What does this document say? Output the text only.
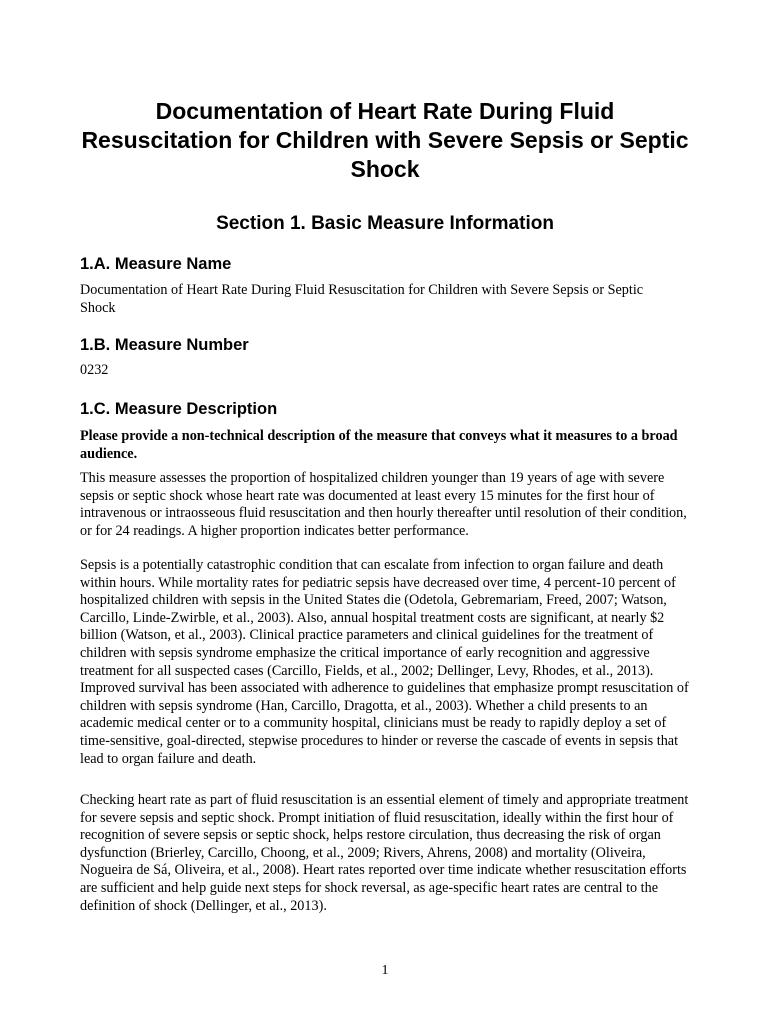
Documentation of Heart Rate During Fluid Resuscitation for Children with Severe Sepsis or Septic Shock
Section 1. Basic Measure Information
1.A. Measure Name

Documentation of Heart Rate During Fluid Resuscitation for Children with Severe Sepsis or Septic Shock

1.B. Measure Number

0232

1.C. Measure Description

Please provide a non-technical description of the measure that conveys what it measures to a broad audience.

This measure assesses the proportion of hospitalized children younger than 19 years of age with severe sepsis or septic shock whose heart rate was documented at least every 15 minutes for the first hour of intravenous or intraosseous fluid resuscitation and then hourly thereafter until resolution of their condition, or for 24 readings. A higher proportion indicates better performance.

Sepsis is a potentially catastrophic condition that can escalate from infection to organ failure and death within hours. While mortality rates for pediatric sepsis have decreased over time, 4 percent-10 percent of hospitalized children with sepsis in the United States die (Odetola, Gebremariam, Freed, 2007; Watson, Carcillo, Linde-Zwirble, et al., 2003). Also, annual hospital treatment costs are significant, at nearly $2 billion (Watson, et al., 2003). Clinical practice parameters and clinical guidelines for the treatment of children with sepsis syndrome emphasize the critical importance of early recognition and aggressive treatment for all suspected cases (Carcillo, Fields, et al., 2002; Dellinger, Levy, Rhodes, et al., 2013). Improved survival has been associated with adherence to guidelines that emphasize prompt resuscitation of children with sepsis syndrome (Han, Carcillo, Dragotta, et al., 2003). Whether a child presents to an academic medical center or to a community hospital, clinicians must be ready to rapidly deploy a set of time-sensitive, goal-directed, stepwise procedures to hinder or reverse the cascade of events in sepsis that lead to organ failure and death.

Checking heart rate as part of fluid resuscitation is an essential element of timely and appropriate treatment for severe sepsis and septic shock. Prompt initiation of fluid resuscitation, ideally within the first hour of recognition of severe sepsis or septic shock, helps restore circulation, thus decreasing the risk of organ dysfunction (Brierley, Carcillo, Choong, et al., 2009; Rivers, Ahrens, 2008) and mortality (Oliveira, Nogueira de Sá, Oliveira, et al., 2008). Heart rates reported over time indicate whether resuscitation efforts are sufficient and help guide next steps for shock reversal, as age-specific heart rates are central to the definition of shock (Dellinger, et al., 2013).

1
